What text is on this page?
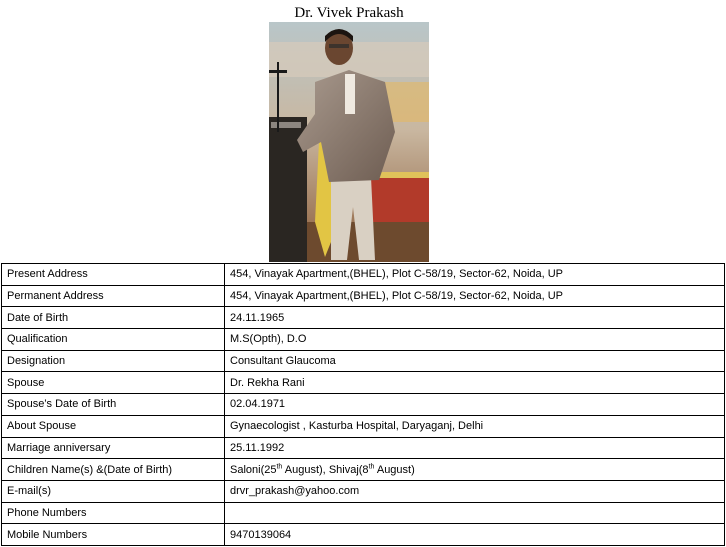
Dr. Vivek Prakash
Present Address	454, Vinayak Apartment,(BHEL), Plot C-58/19, Sector-62, Noida, UP
Permanent Address	454, Vinayak Apartment,(BHEL), Plot C-58/19, Sector-62, Noida, UP
Date of Birth	24.11.1965
Qualification	M.S(Opth), D.O
Designation	Consultant Glaucoma
Spouse	Dr. Rekha Rani
Spouse’s Date of Birth	02.04.1971
About Spouse	Gynaecologist , Kasturba Hospital, Daryaganj, Delhi
Marriage anniversary	25.11.1992
Children Name(s) &(Date of Birth)	Saloni(25th August), Shivaj(8th August)
E-mail(s)	drvr_prakash@yahoo.com
Phone Numbers	
Mobile Numbers	9470139064
